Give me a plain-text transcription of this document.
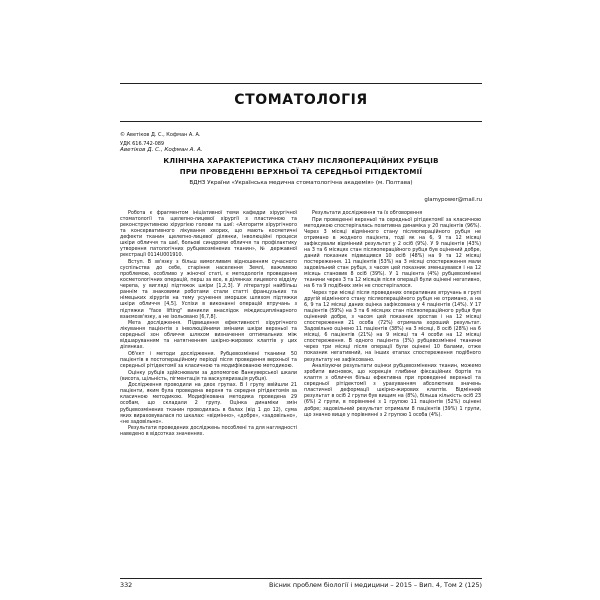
СТОМАТОЛОГІЯ
© Аветіков Д. С., Кофман А. А.
УДК 616.742-089
Аветіков Д. С., Кофман А. А.
КЛІНІЧНА ХАРАКТЕРИСТИКА СТАНУ ПІСЛЯОПЕРАЦІЙНИХ РУБЦІВ
ПРИ ПРОВЕДЕННІ ВЕРХНЬОЇ ТА СЕРЕДНЬОЇ РІТІДЕКТОМІЇ
ВДНЗ України «Українська медична стоматологічна академія» (м. Полтава)
glamypower@mail.ru

Робота є фрагментом ініціативної теми кафедри хірургічної стоматології та щелепно-лицевої хірургії з пластичною та реконструктивною хірургією голови та шиї: «Алгоритм хірургічного та консервативного лікування хворих, що мають косметичні дефекти тканин щелепно-лицевої ділянки, інволюційні процеси шкіри обличчя та шиї, больові синдроми обличчя та профілактику утворення патологічних рубцевозмінених тканин», № державної реєстрації 0114U001910.

Вступ. В зв'язку з більш вимогливим відношенням сучасного суспільства до себе, старіння населення Землі, важливою проблемою, особливо у жіночої статі, є методологія проведення косметологічних операцій, перш за все, в ділянках лицевого відділу черепа, у вигляді підтяжок шкіри [1,2,3]. У літературі найбільш раннім та знаковими роботами стали статті французьких та німецьких хірургів на тему усунення зморшок шляхом підтяжки шкіри обличчя [4,5]. Успіхи в виконанні операцій втручань з підтяжки "face lifting" виникли внаслідок міждисциплінарного взаємозв'язку, а не ізольовано [6,7,8].

Мета дослідження. Підвищення ефективності хірургічного лікування пацієнтів з інволюційними змінами шкіри верхньої та середньої зон обличчя шляхом визначення оптимальних між відшаруванням та натягненням шкірно-жирових клаптів у цих ділянках.

Об'єкт і методи дослідження. Рубцевозмінені тканини 50 пацієнтів в постопераційному періоді після проведення верхньої та середньої рітідектомії за класичною та модифікованою методикою.

Оцінку рубців здійснювали за допомогою Ванкуверської шкали (висота, щільність, пігментація та васкуляризація рубця).

Дослідження проводили на двох групах. В І групу ввійшли 21 пацієнти, яким була проведена верхня та середня рітідектомія за класичною методикою. Модифікована методика проведена 29 особам, що складали 2 групу. Оцінка динаміки змін рубцевозмінених тканин проводилась в балах (від 1 до 12), сума яких вираховувалася по шкалах: «відмінно», «добре», «задовільно», «не задовільно».

Результати проведених досліджень пособлені та для наглядності наведено в відсотках значеннях.

Результати дослідження та їх обговорення

При проведенні верхньої та середньої рітідектомії за класичною методикою спостерігалась позитивна динаміка у 20 пацієнтів (96%). Через 3 місяці відмінного стану післяопераційного рубця не отримано в жодного пацієнта, тоді як на 6, 9 та 12 місяці зафіксували відмінний результат у 2 осіб (9%). У 9 пацієнтів (43%) на 3 та 6 місяцях стан післяопераційного рубця був оцінений добре, даний показник підвищився 10 осіб (48%) на 9 та 12 місяці постереження. 11 пацієнтів (53%) на 3 місяці спостереження мали задовільний стан рубця, з часом цей показник зменшувався і на 12 місяць становив 8 осіб (39%). У 1 пацієнта (4%) рубцевозмінені тканини через 3 та 12 місяців після операції були оцінені негативно, на 6 та 9 подібних змін не спостерігалося.

Через три місяці після проведених оперативних втручань в групі другій відмінного стану післяопераційного рубця не отримано, а на 6, 9 та 12 місяці даних оцінка зафіксована у 4 пацієнтів (14%). У 17 пацієнтів (59%) на 3 та 6 місяцях стан післяопераційного рубця був оцінений добре, з часом цей показник зростав і на 12 місяці спостереження 21 особа (72%) отримала хороший результат. Задовільно оцінено 11 пацієнтів (38%) на 3 місяці, 8 осіб (28%) на 6 місяці, 6 пацієнтів (21%) на 9 місяці та 4 особи на 12 місяці спостереження. В одного пацієнта (3%) рубцевозмінені тканини через три місяці після операції були оцінені 10 балами, отже показник негативний, на інших етапах спостереження подібного результату не зафіксовано.

Аналізуючи результати оцінки рубцевозмінених тканин, можемо зробити висновок, що корекція глибини фіксаційних бортів та клаптя з обличчя більш ефективна при проведенні верхньої та середньої рітідектомії з урахуванням абсолютних значень пластичної деформації шкірно-жирових клаптів. Відмінний результат в осіб 2 групи був вищим на (8%), більша кількість осіб 2З (6%) 2 групи, в порівнянні з 1 групою 11 пацієнтів (52%) оцінені добре; задовільний результат отримали 8 пацієнтів (39%) 1 групи, що значно вище у порівнянні з 2 групою 1 особа (4%).

332	Вісник проблем біології і медицини – 2015 – Вип. 4, Том 2 (125)
